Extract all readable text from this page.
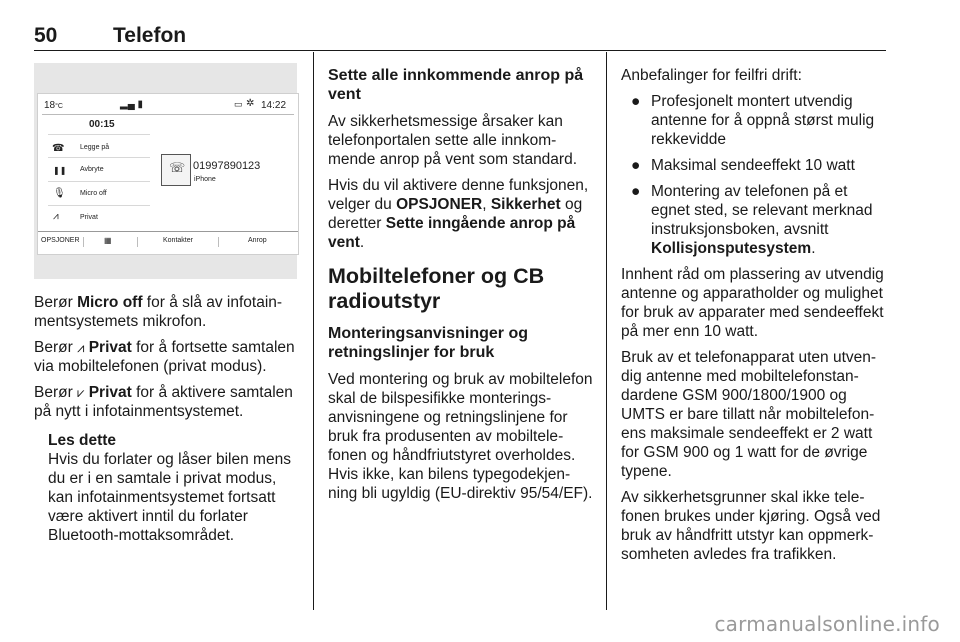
50	Telefon
18°C	▂▄ ▮	▭ ✲ 14:22
00:15
☎ Legge på
❚❚ Avbryte
🎙 Micro off
⩘	Privat
☏ 01997890123
iPhone
OPSJONER	▦	Kontakter	Anrop

Berør Micro off for å slå av infotainmentsystemets mikrofon.

Berør ⩘ Privat for å fortsette samtalen via mobiltelefonen (privat modus).

Berør ⩗ Privat for å aktivere samtalen på nytt i infotainmentsystemet.

Les dette
Hvis du forlater og låser bilen mens du er i en samtale i privat modus, kan infotainmentsystemet fortsatt være aktivert inntil du forlater Bluetooth-mottaksområdet.
Sette alle innkommende anrop på vent

Av sikkerhetsmessige årsaker kan telefonportalen sette alle innkommende anrop på vent som standard.

Hvis du vil aktivere denne funksjonen, velger du OPSJONER, Sikkerhet og deretter Sette inngående anrop på vent.

Mobiltelefoner og CB radioutstyr
Monteringsanvisninger og retningslinjer for bruk

Ved montering og bruk av mobiltelefon skal de bilspesifikke monteringsanvisningene og retningslinjene for bruk fra produsenten av mobiltelefonen og håndfriutstyret overholdes. Hvis ikke, kan bilens typegodekjenning bli ugyldig (EU-direktiv 95/54/EF).

Anbefalinger for feilfri drift:

● Profesjonelt montert utvendig antenne for å oppnå størst mulig rekkevidde
● Maksimal sendeeffekt 10 watt
● Montering av telefonen på et egnet sted, se relevant merknad instruksjonsboken, avsnitt Kollisjonsputesystem.

Innhent råd om plassering av utvendig antenne og apparatholder og mulighet for bruk av apparater med sendeeffekt på mer enn 10 watt.

Bruk av et telefonapparat uten utvendig antenne med mobiltelefonstandardene GSM 900/1800/1900 og UMTS er bare tillatt når mobiltelefonens maksimale sendeeffekt er 2 watt for GSM 900 og 1 watt for de øvrige typene.

Av sikkerhetsgrunner skal ikke telefonen brukes under kjøring. Også ved bruk av håndfritt utstyr kan oppmerksomheten avledes fra trafikken.

carmanualsonline.info
